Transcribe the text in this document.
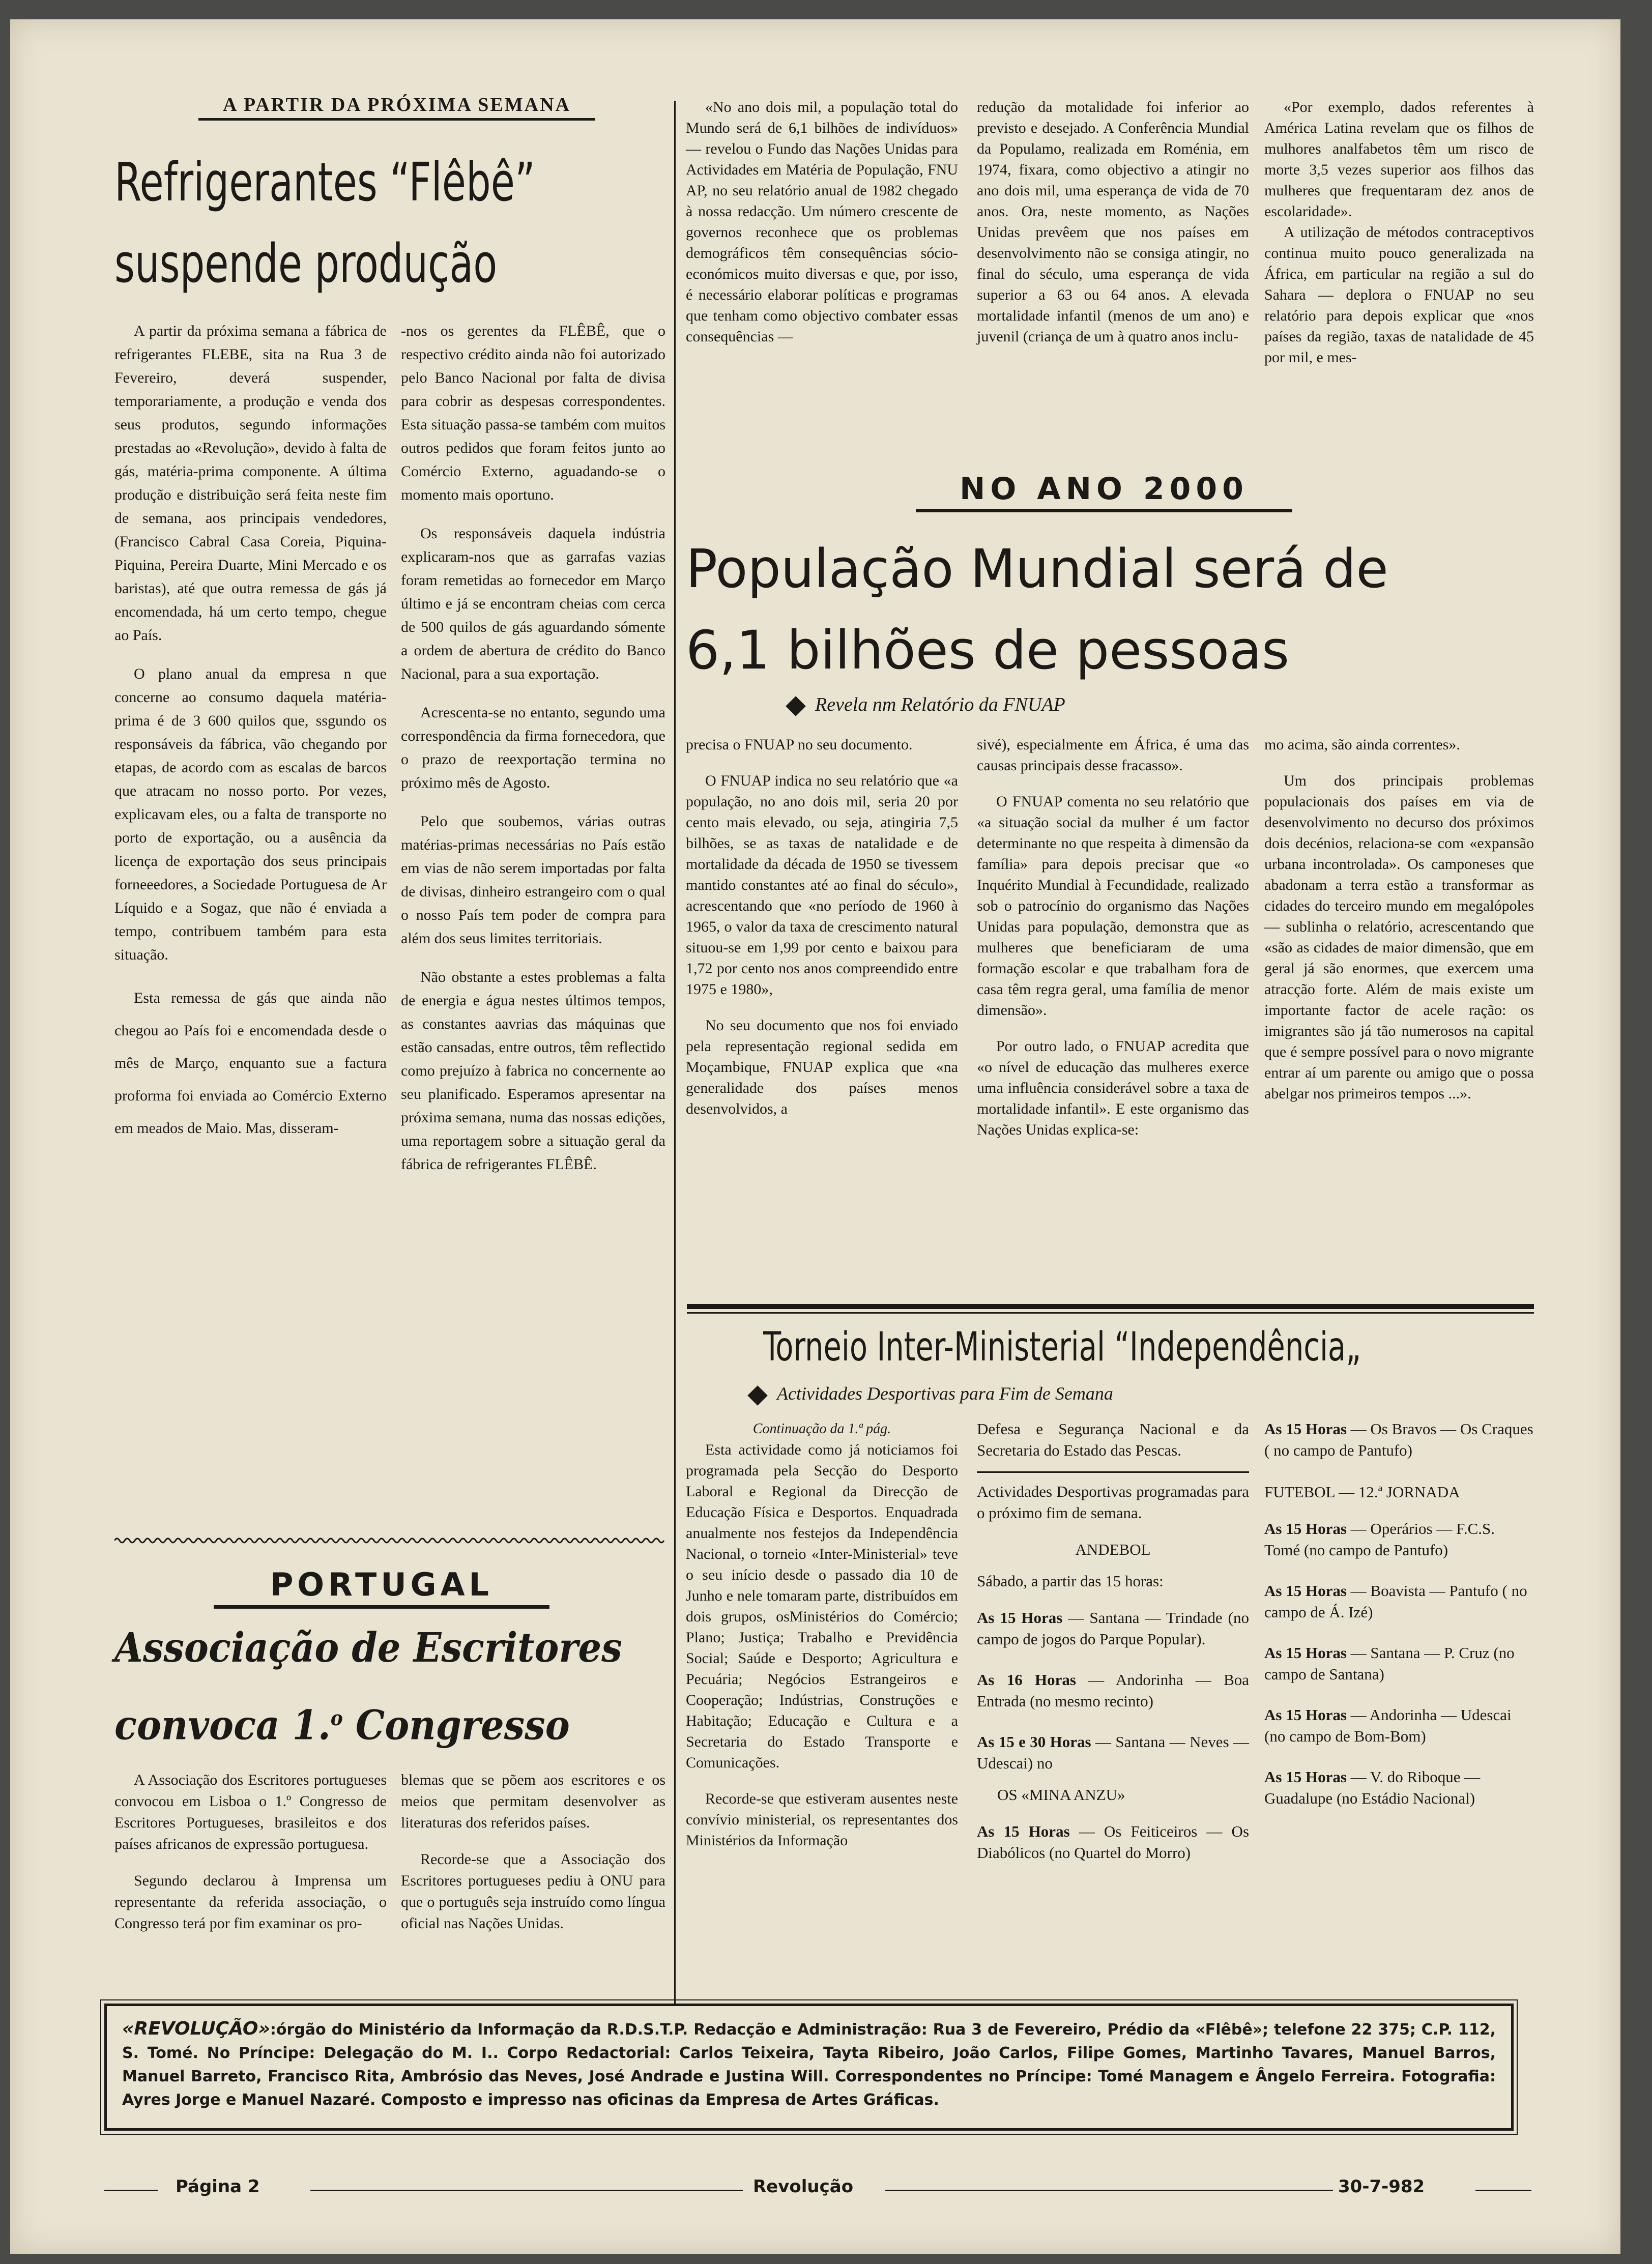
A PARTIR DA PRÓXIMA SEMANA
Refrigerantes “Flêbê”
suspende produção

A partir da próxima semana a fábrica de refrigerantes FLEBE, sita na Rua 3 de Fevereiro, deverá suspender, temporariamente, a produção e venda dos seus produtos, segundo informações prestadas ao «Revolução», devido à falta de gás, matéria-prima componente. A última produção e distribuição será feita neste fim de semana, aos principais vendedores, (Francisco Cabral Casa Coreia, Piquina-Piquina, Pereira Duarte, Mini Mercado e os baristas), até que outra remessa de gás já encomendada, há um certo tempo, chegue ao País.

O plano anual da empresa n que concerne ao consumo daquela matéria-prima é de 3 600 quilos que, ssgundo os responsáveis da fábrica, vão chegando por etapas, de acordo com as escalas de barcos que atracam no nosso porto. Por vezes, explicavam eles, ou a falta de transporte no porto de exportação, ou a ausência da licença de exportação dos seus principais forneeedores, a Sociedade Portuguesa de Ar Líquido e a Sogaz, que não é enviada a tempo, contribuem também para esta situação.

Esta remessa de gás que ainda não chegou ao País foi e encomendada desde o mês de Março, enquanto sue a factura proforma foi enviada ao Comércio Externo em meados de Maio. Mas, disseram-

-nos os gerentes da FLÊBÊ, que o respectivo crédito ainda não foi autorizado pelo Banco Nacional por falta de divisa para cobrir as despesas correspondentes. Esta situação passa-se também com muitos outros pedidos que foram feitos junto ao Comércio Externo, aguadando-se o momento mais oportuno.

Os responsáveis daquela indústria explicaram-nos que as garrafas vazias foram remetidas ao fornecedor em Março último e já se encontram cheias com cerca de 500 quilos de gás aguardando sómente a ordem de abertura de crédito do Banco Nacional, para a sua exportação.

Acrescenta-se no entanto, segundo uma correspondência da firma fornecedora, que o prazo de reexportação termina no próximo mês de Agosto.

Pelo que soubemos, várias outras matérias-primas necessárias no País estão em vias de não serem importadas por falta de divisas, dinheiro estrangeiro com o qual o nosso País tem poder de compra para além dos seus limites territoriais.

Não obstante a estes problemas a falta de energia e água nestes últimos tempos, as constantes aavrias das máquinas que estão cansadas, entre outros, têm reflectido como prejuízo à fabrica no concernente ao seu planificado. Esperamos apresentar na próxima semana, numa das nossas edições, uma reportagem sobre a situação geral da fábrica de refrigerantes FLÊBÊ.

PORTUGAL
Associação de Escritores
convoca 1.$^o$ Congresso

A Associação dos Escritores portugueses convocou em Lisboa o 1.º Congresso de Escritores Portugueses, brasileitos e dos países africanos de expressão portuguesa.

Segundo declarou à Imprensa um representante da referida associação, o Congresso terá por fim examinar os pro-

blemas que se põem aos escritores e os meios que permitam desenvolver as literaturas dos referidos países.

Recorde-se que a Associação dos Escritores portugueses pediu à ONU para que o português seja instruído como língua oficial nas Nações Unidas.

«No ano dois mil, a população total do Mundo será de 6,1 bilhões de indivíduos» — revelou o Fundo das Nações Unidas para Actividades em Matéria de População, FNU AP, no seu relatório anual de 1982 chegado à nossa redacção. Um número crescente de governos reconhece que os problemas demográficos têm consequências sócio-económicos muito diversas e que, por isso, é necessário elaborar políticas e programas que tenham como objectivo combater essas consequências —

redução da motalidade foi inferior ao previsto e desejado. A Conferência Mundial da Populamo, realizada em Roménia, em 1974, fixara, como objectivo a atingir no ano dois mil, uma esperança de vida de 70 anos. Ora, neste momento, as Nações Unidas prevêem que nos países em desenvolvimento não se consiga atingir, no final do século, uma esperança de vida superior a 63 ou 64 anos. A elevada mortalidade infantil (menos de um ano) e juvenil (criança de um à quatro anos inclu-

«Por exemplo, dados referentes à América Latina revelam que os filhos de mulhores analfabetos têm um risco de morte 3,5 vezes superior aos filhos das mulheres que frequentaram dez anos de escolaridade».

A utilização de métodos contraceptivos continua muito pouco generalizada na África, em particular na região a sul do Sahara — deplora o FNUAP no seu relatório para depois explicar que «nos países da região, taxas de natalidade de 45 por mil, e mes-

NO ANO 2000
População Mundial será de
6,1 bilhões de pessoas
Revela nm Relatório da FNUAP

precisa o FNUAP no seu documento.

O FNUAP indica no seu relatório que «a população, no ano dois mil, seria 20 por cento mais elevado, ou seja, atingiria 7,5 bilhões, se as taxas de natalidade e de mortalidade da década de 1950 se tivessem mantido constantes até ao final do século», acrescentando que «no período de 1960 à 1965, o valor da taxa de crescimento natural situou-se em 1,99 por cento e baixou para 1,72 por cento nos anos compreendido entre 1975 e 1980»,

No seu documento que nos foi enviado pela representação regional sedida em Moçambique, FNUAP explica que «na generalidade dos países menos desenvolvidos, a

sivé), especialmente em África, é uma das causas principais desse fracasso».

O FNUAP comenta no seu relatório que «a situação social da mulher é um factor determinante no que respeita à dimensão da família» para depois precisar que «o Inquérito Mundial à Fecundidade, realizado sob o patrocínio do organismo das Nações Unidas para população, demonstra que as mulheres que beneficiaram de uma formação escolar e que trabalham fora de casa têm regra geral, uma família de menor dimensão».

Por outro lado, o FNUAP acredita que «o nível de educação das mulheres exerce uma influência considerável sobre a taxa de mortalidade infantil». E este organismo das Nações Unidas explica-se:

mo acima, são ainda correntes».

Um dos principais problemas populacionais dos países em via de desenvolvimento no decurso dos próximos dois decénios, relaciona-se com «expansão urbana incontrolada». Os camponeses que abadonam a terra estão a transformar as cidades do terceiro mundo em megalópoles — sublinha o relatório, acrescentando que «são as cidades de maior dimensão, que em geral já são enormes, que exercem uma atracção forte. Além de mais existe um importante factor de acele ração: os imigrantes são já tão numerosos na capital que é sempre possível para o novo migrante entrar aí um parente ou amigo que o possa abelgar nos primeiros tempos ...».

Torneio Inter-Ministerial “Independência„
Actividades Desportivas para Fim de Semana
Continuação da 1.ª pág.

Esta actividade como já noticiamos foi programada pela Secção do Desporto Laboral e Regional da Direcção de Educação Física e Desportos. Enquadrada anualmente nos festejos da Independência Nacional, o torneio «Inter-Ministerial» teve o seu início desde o passado dia 10 de Junho e nele tomaram parte, distribuídos em dois grupos, osMinistérios do Comércio; Plano; Justiça; Trabalho e Previdência Social; Saúde e Desporto; Agricultura e Pecuária; Negócios Estrangeiros e Cooperação; Indústrias, Construções e Habitação; Educação e Cultura e a Secretaria do Estado Transporte e Comunicações.

Recorde-se que estiveram ausentes neste convívio ministerial, os representantes dos Ministérios da Informação

Defesa e Segurança Nacional e da Secretaria do Estado das Pescas.

Actividades Desportivas programadas para o próximo fim de semana.

ANDEBOL

Sábado, a partir das 15 horas:

As 15 Horas — Santana — Trindade (no campo de jogos do Parque Popular).

As 16 Horas — Andorinha — Boa Entrada (no mesmo recinto)

As 15 e 30 Horas — Santana — Neves — Udescai) no

OS «MINA ANZU»

As 15 Horas — Os Feiticeiros — Os Diabólicos (no Quartel do Morro)

As 15 Horas — Os Bravos — Os Craques ( no campo de Pantufo)

FUTEBOL — 12.ª JORNADA

As 15 Horas — Operários — F.C.S. Tomé (no campo de Pantufo)

As 15 Horas — Boavista — Pantufo ( no campo de Á. Izé)

As 15 Horas — Santana — P. Cruz (no campo de Santana)

As 15 Horas — Andorinha — Udescai (no campo de Bom-Bom)

As 15 Horas — V. do Riboque — Guadalupe (no Estádio Nacional)

«REVOLUÇÃO»:órgão do Ministério da Informação da R.D.S.T.P. Redacção e Administração: Rua 3 de Fevereiro, Prédio da «Flêbê»; telefone 22 375; C.P. 112, S. Tomé. No Príncipe: Delegação do M. I.. Corpo Redactorial: Carlos Teixeira, Tayta Ribeiro, João Carlos, Filipe Gomes, Martinho Tavares, Manuel Barros, Manuel Barreto, Francisco Rita, Ambrósio das Neves, José Andrade e Justina Will. Correspondentes no Príncipe: Tomé Managem e Ângelo Ferreira. Fotografia: Ayres Jorge e Manuel Nazaré. Composto e impresso nas oficinas da Empresa de Artes Gráficas.
Página 2	Revolução	30-7-982
